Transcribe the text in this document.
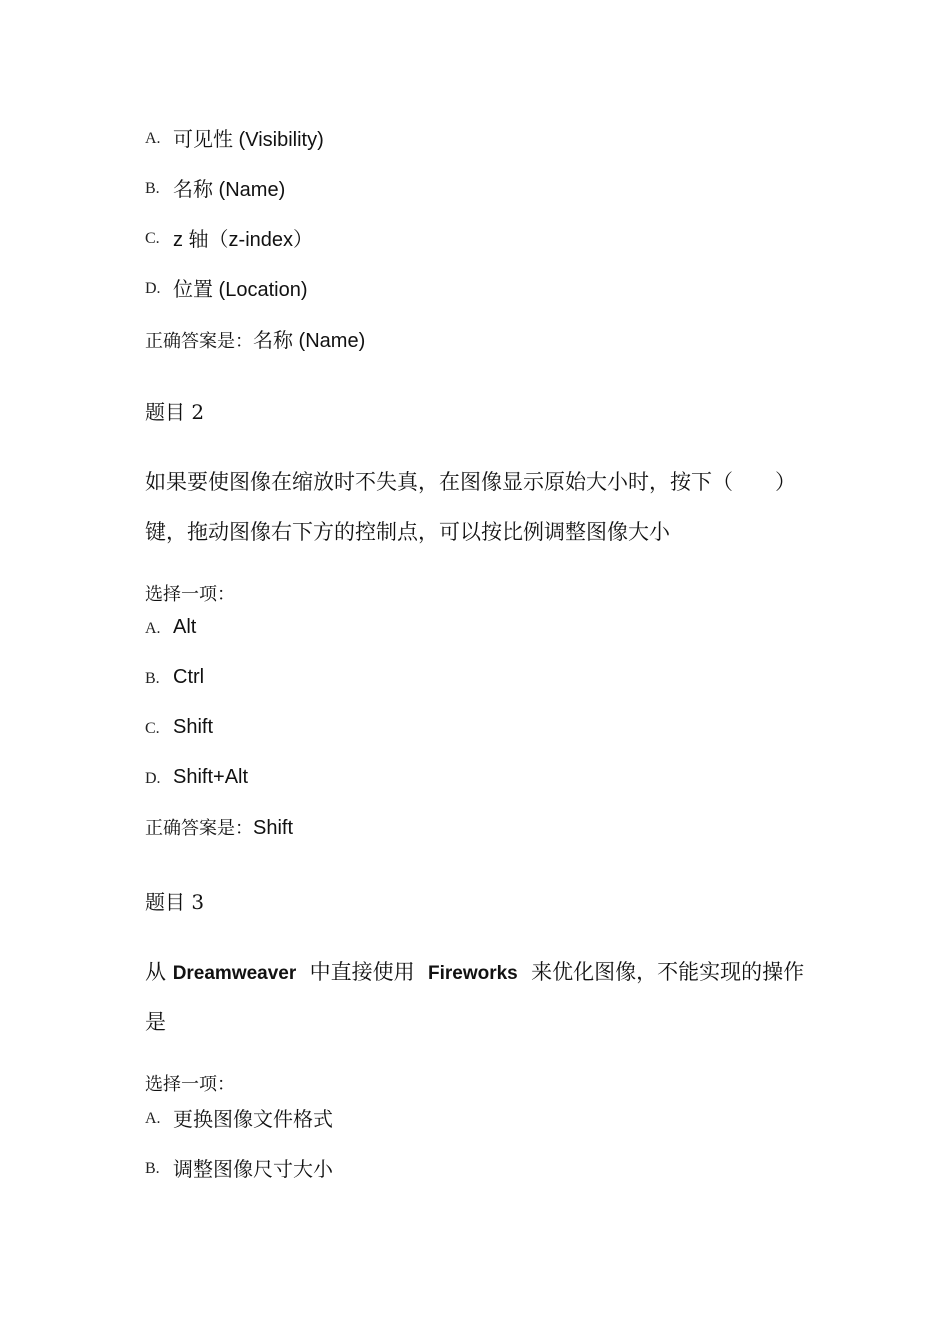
A. 可见性 (Visibility)
B. 名称 (Name)
C. z 轴（z-index）
D. 位置 (Location)
正确答案是： 名称 (Name)
题目 2
如果要使图像在缩放时不失真，在图像显示原始大小时，按下（　　）
键，拖动图像右下方的控制点，可以按比例调整图像大小
选择一项：
A. Alt
B. Ctrl
C. Shift
D. Shift+Alt
正确答案是： Shift
题目 3
从 Dreamweaver  中直接使用  Fireworks  来优化图像，不能实现的操作
是
选择一项：
A. 更换图像文件格式
B. 调整图像尺寸大小
